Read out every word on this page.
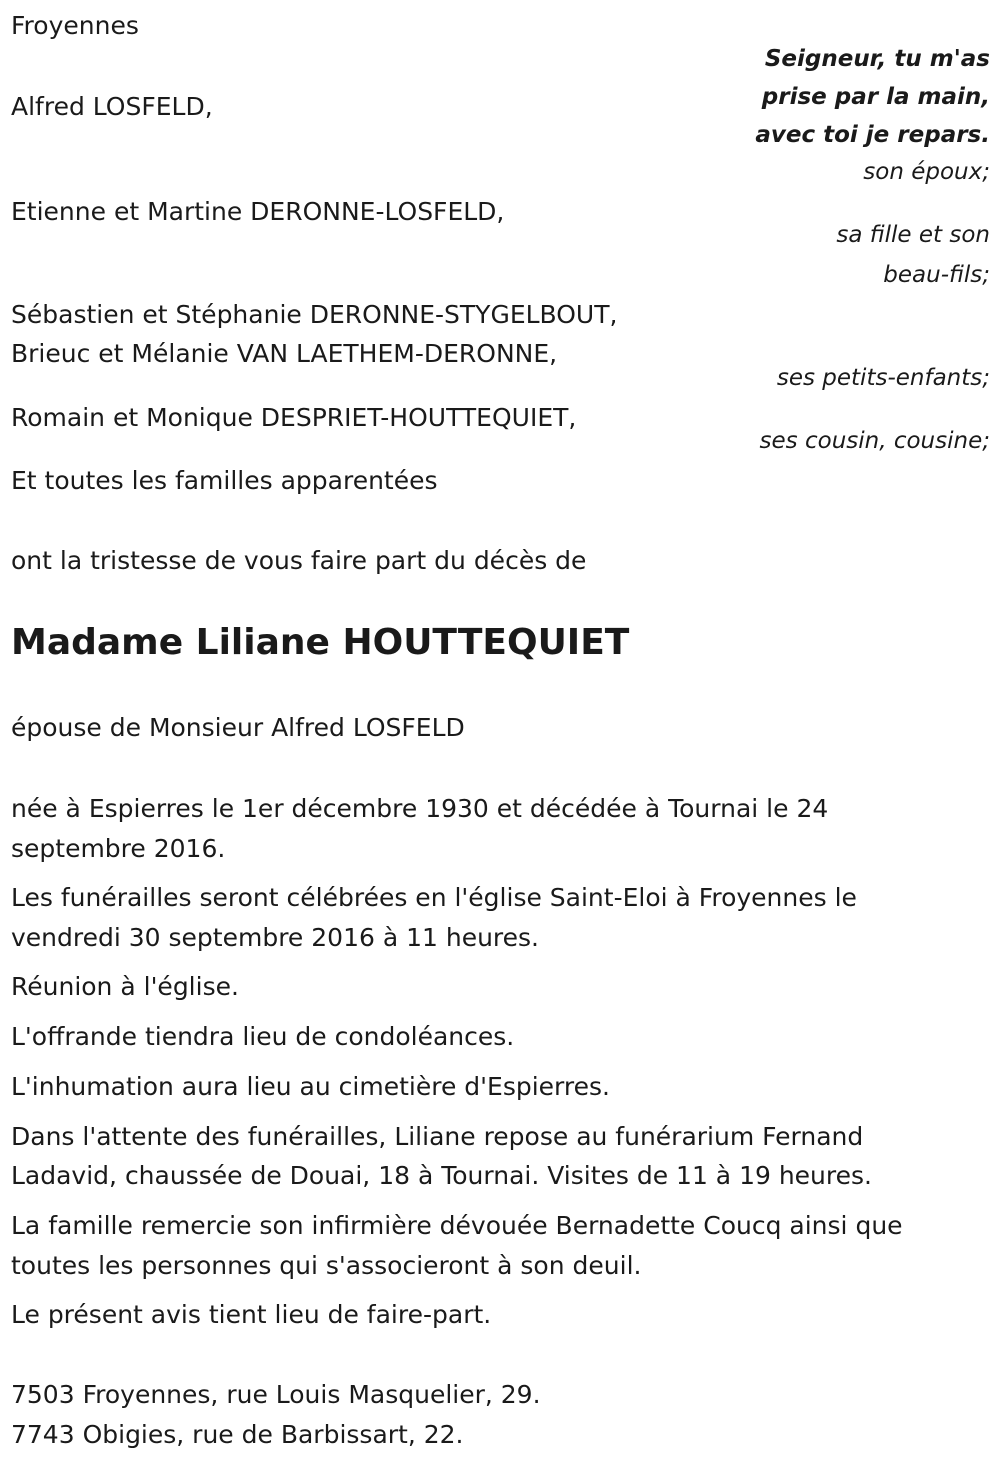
Froyennes

Seigneur, tu m'as
prise par la main,
avec toi je repars.

Alfred LOSFELD,

son époux;

Etienne et Martine DERONNE-LOSFELD,

sa fille et son

beau-fils;

Sébastien et Stéphanie DERONNE-STYGELBOUT,

Brieuc et Mélanie VAN LAETHEM-DERONNE,

ses petits-enfants;

Romain et Monique DESPRIET-HOUTTEQUIET,

ses cousin, cousine;

Et toutes les familles apparentées

ont la tristesse de vous faire part du décès de

Madame Liliane HOUTTEQUIET

épouse de Monsieur Alfred LOSFELD

née à Espierres le 1er décembre 1930 et décédée à Tournai le 24

septembre 2016.

Les funérailles seront célébrées en l'église Saint-Eloi à Froyennes le

vendredi 30 septembre 2016 à 11 heures.

Réunion à l'église.

L'offrande tiendra lieu de condoléances.

L'inhumation aura lieu au cimetière d'Espierres.

Dans l'attente des funérailles, Liliane repose au funérarium Fernand

Ladavid, chaussée de Douai, 18 à Tournai. Visites de 11 à 19 heures.

La famille remercie son infirmière dévouée Bernadette Coucq ainsi que

toutes les personnes qui s'associeront à son deuil.

Le présent avis tient lieu de faire-part.

7503 Froyennes, rue Louis Masquelier, 29.

7743 Obigies, rue de Barbissart, 22.
